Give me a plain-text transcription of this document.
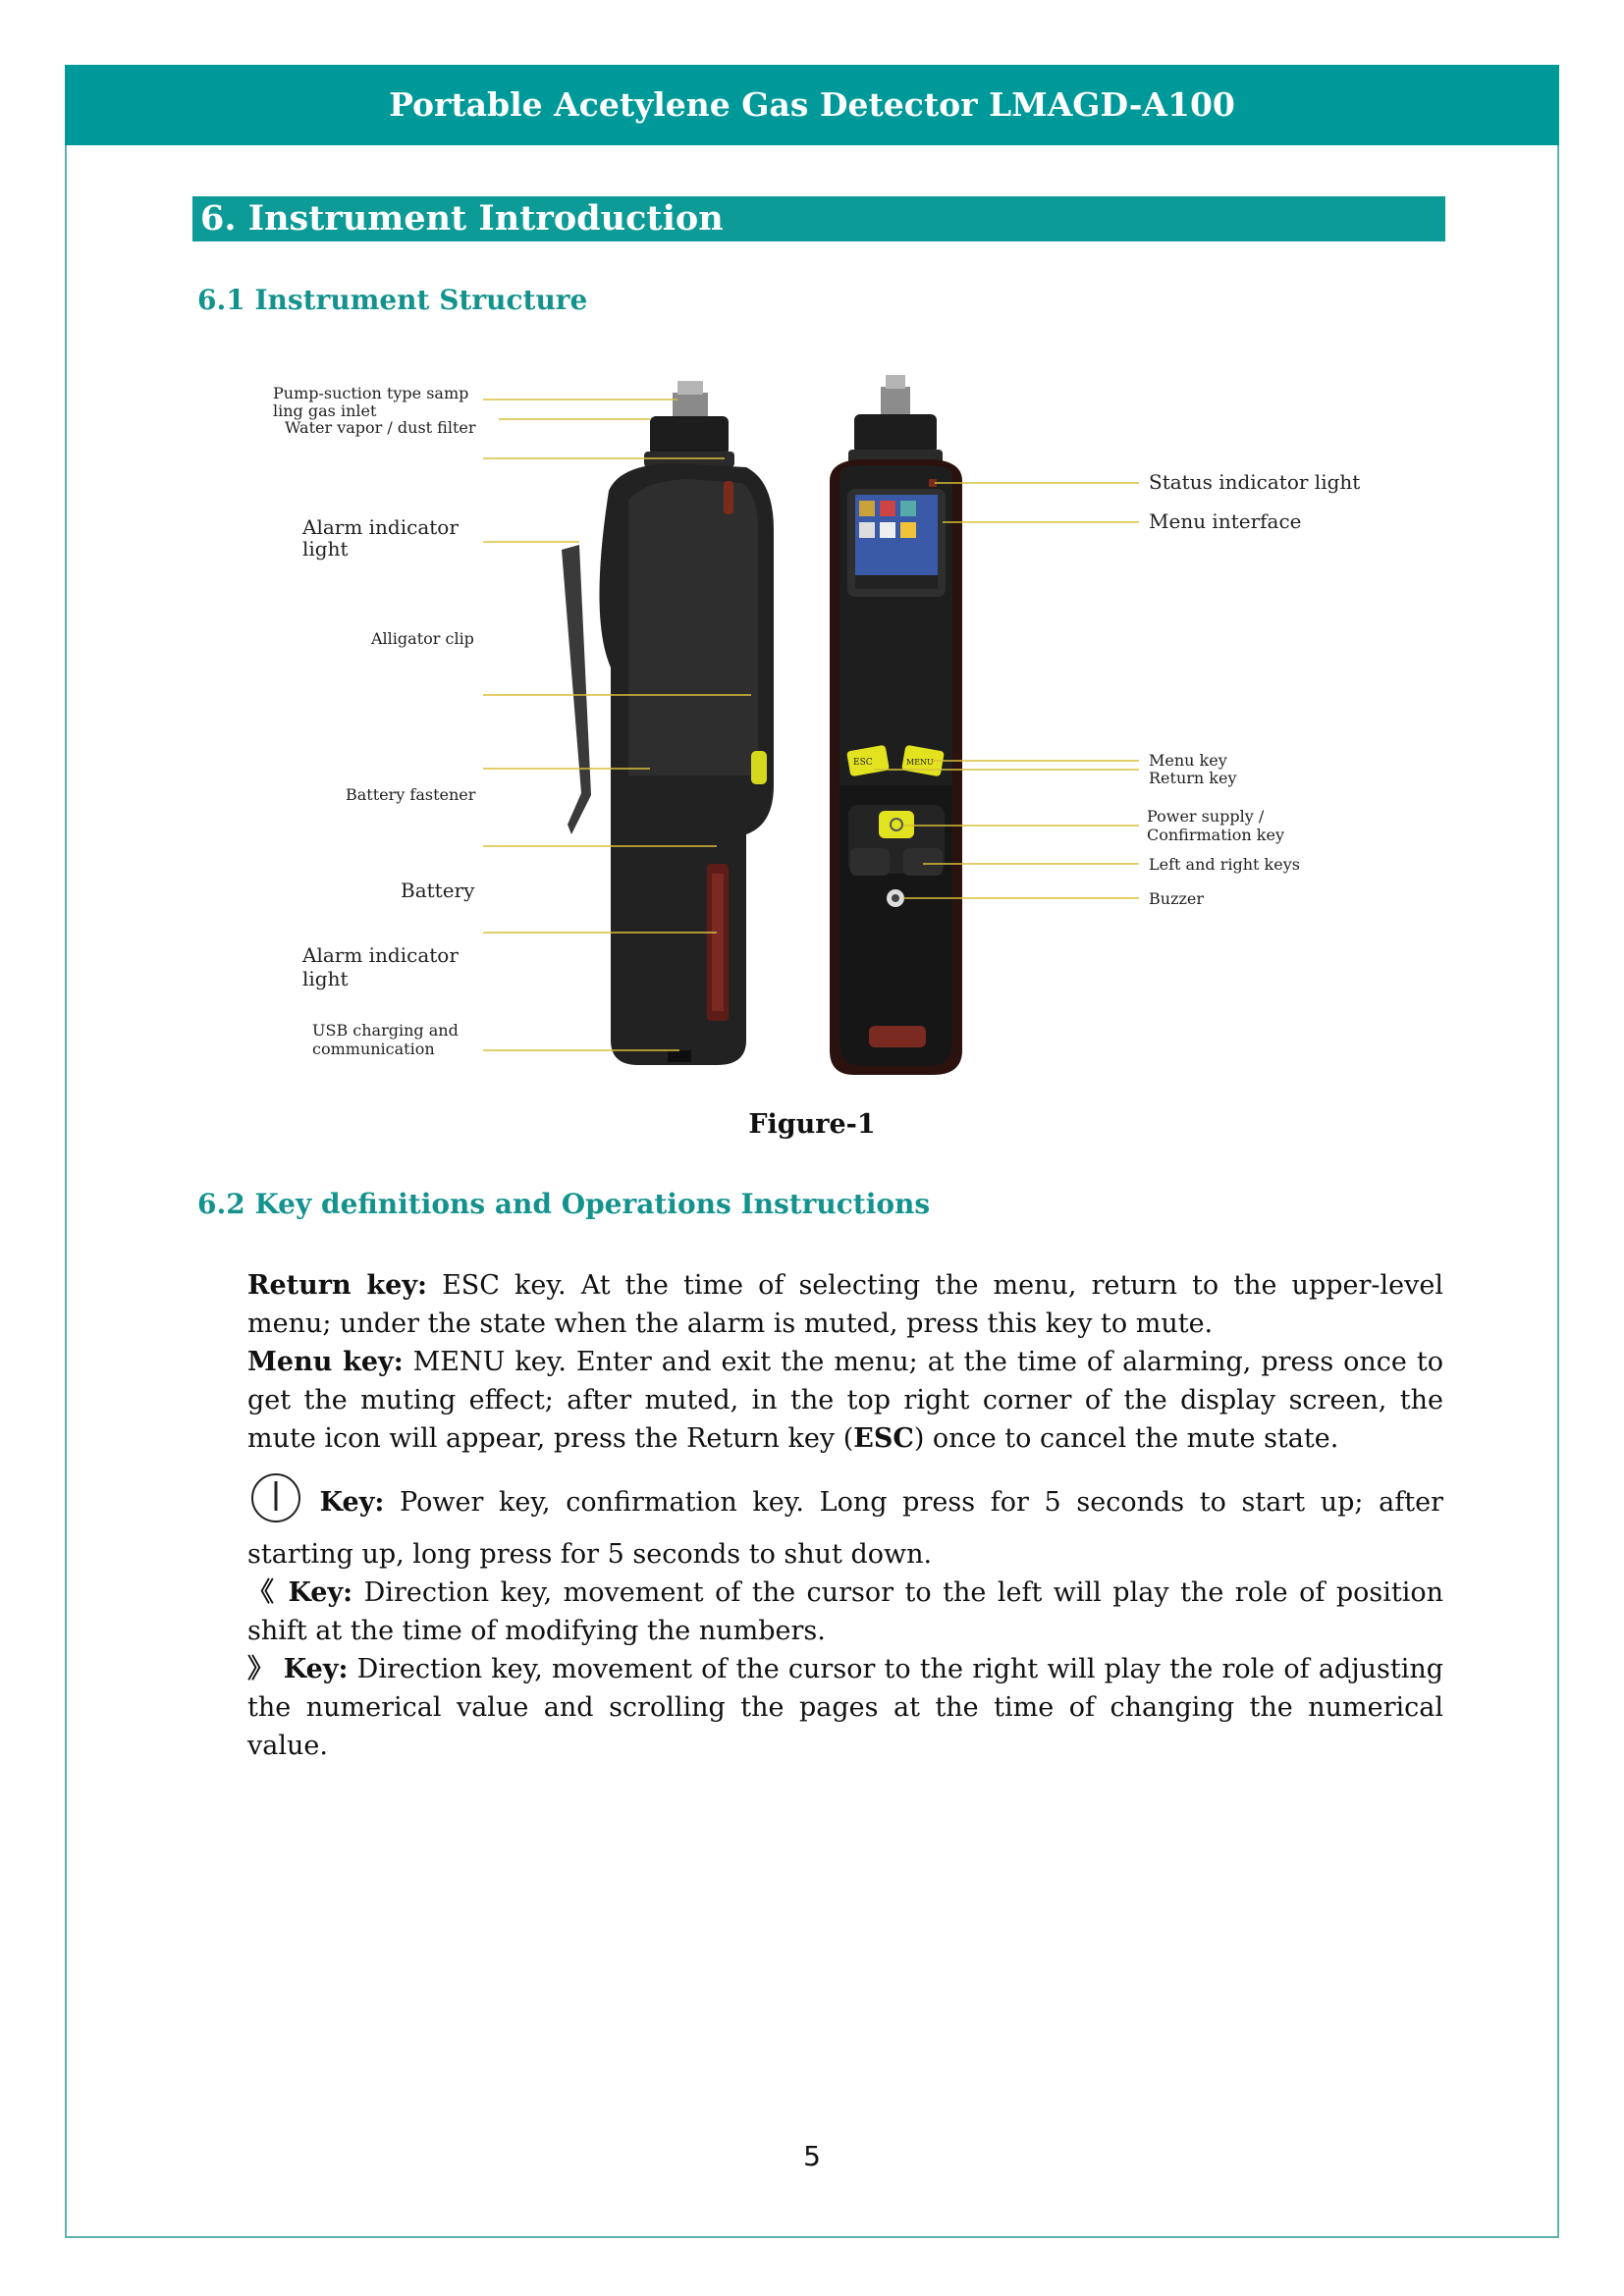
Portable Acetylene Gas Detector LMAGD-A100
6. Instrument Introduction
6.1 Instrument Structure
ESC	MENU
Pump-suction type samp
ling gas inlet
Water vapor / dust filter
Alarm indicator
light
Alligator clip
Battery fastener
Battery
Alarm indicator
light
USB charging and
communication
Status indicator light
Menu interface
Menu key
Return key
Power supply /
Confirmation key
Left and right keys
Buzzer
Figure-1
6.2 Key definitions and Operations Instructions

Return key: ESC key. At the time of selecting the menu, return to the upper-level menu; under the state when the alarm is muted, press this key to mute.

Menu key: MENU key. Enter and exit the menu; at the time of alarming, press once to get the muting effect; after muted, in the top right corner of the display screen, the mute icon will appear, press the Return key (ESC) once to cancel the mute state.

Key: Power key, confirmation key. Long press for 5 seconds to start up; after starting up, long press for 5 seconds to shut down.

《 Key: Direction key, movement of the cursor to the left will play the role of position shift at the time of modifying the numbers.

》 Key: Direction key, movement of the cursor to the right will play the role of adjusting the numerical value and scrolling the pages at the time of changing the numerical value.

5
